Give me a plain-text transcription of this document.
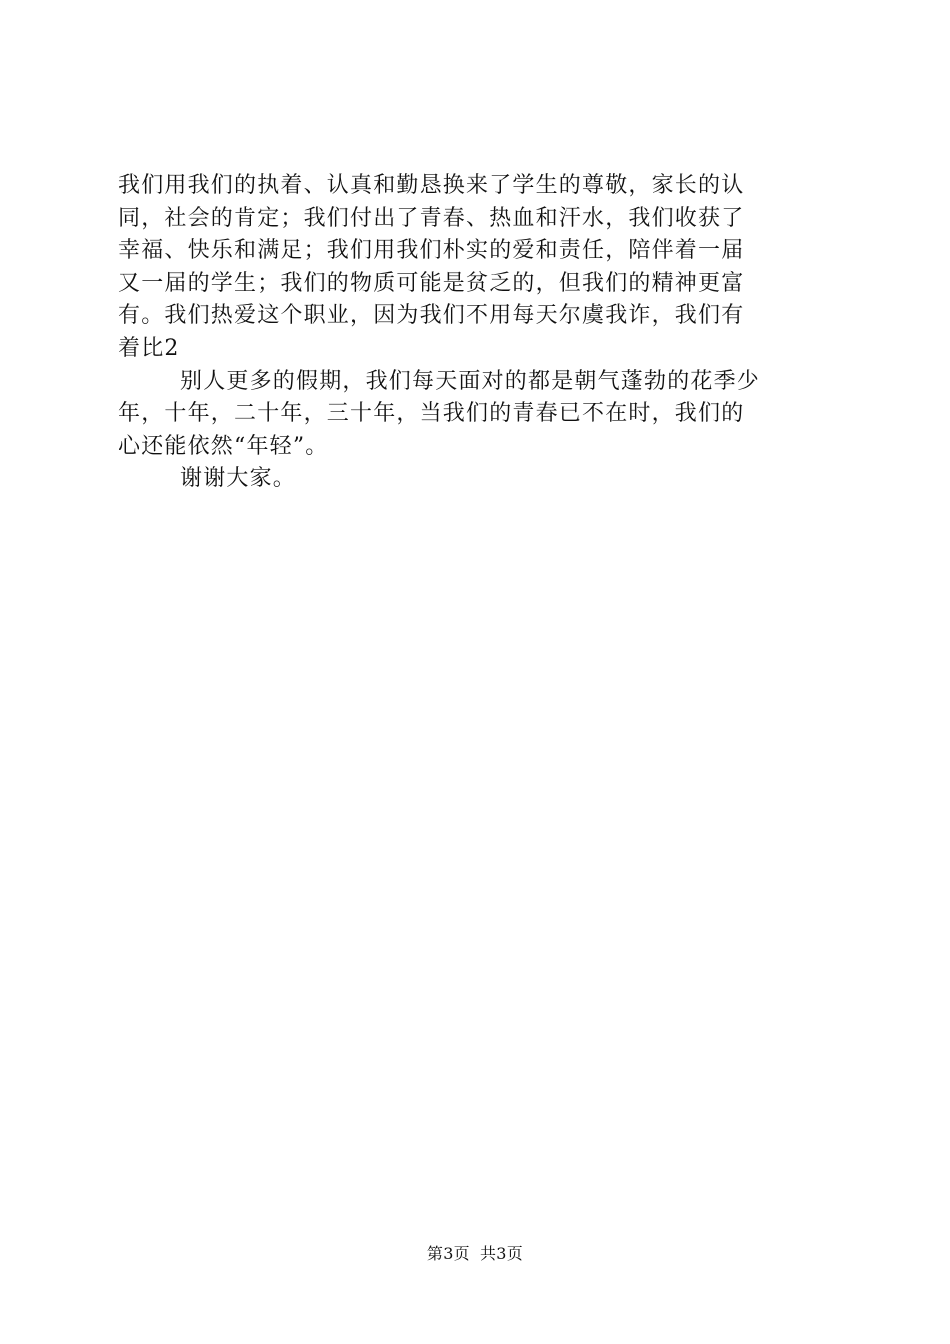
我们用我们的执着、认真和勤恳换来了学生的尊敬，家长的认
同，社会的肯定；我们付出了青春、热血和汗水，我们收获了
幸福、快乐和满足；我们用我们朴实的爱和责任，陪伴着一届
又一届的学生；我们的物质可能是贫乏的，但我们的精神更富
有。我们热爱这个职业，因为我们不用每天尔虞我诈，我们有
着比2
别人更多的假期，我们每天面对的都是朝气蓬勃的花季少
年，十年，二十年，三十年，当我们的青春已不在时，我们的
心还能依然“年轻”。
谢谢大家。
第3页 共3页
